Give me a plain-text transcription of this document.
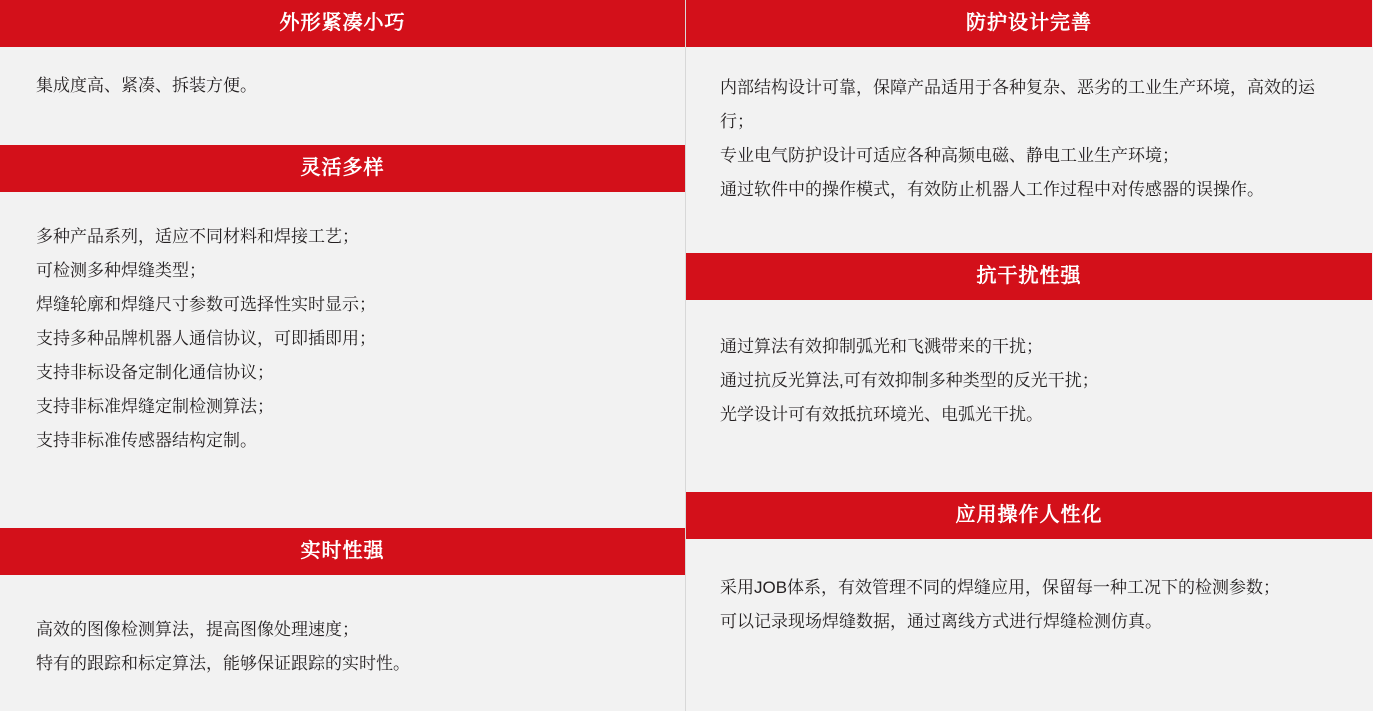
外形紧凑小巧

集成度高、紧凑、拆装方便。

灵活多样

多种产品系列，适应不同材料和焊接工艺；

可检测多种焊缝类型；

焊缝轮廓和焊缝尺寸参数可选择性实时显示；

支持多种品牌机器人通信协议，可即插即用；

支持非标设备定制化通信协议；

支持非标准焊缝定制检测算法；

支持非标准传感器结构定制。

实时性强

高效的图像检测算法，提高图像处理速度；

特有的跟踪和标定算法，能够保证跟踪的实时性。

防护设计完善

内部结构设计可靠，保障产品适用于各种复杂、恶劣的工业生产环境，高效的运行；

专业电气防护设计可适应各种高频电磁、静电工业生产环境；

通过软件中的操作模式，有效防止机器人工作过程中对传感器的误操作。

抗干扰性强

通过算法有效抑制弧光和飞溅带来的干扰；

通过抗反光算法,可有效抑制多种类型的反光干扰；

光学设计可有效抵抗环境光、电弧光干扰。

应用操作人性化

采用JOB体系，有效管理不同的焊缝应用，保留每一种工况下的检测参数；

可以记录现场焊缝数据，通过离线方式进行焊缝检测仿真。
